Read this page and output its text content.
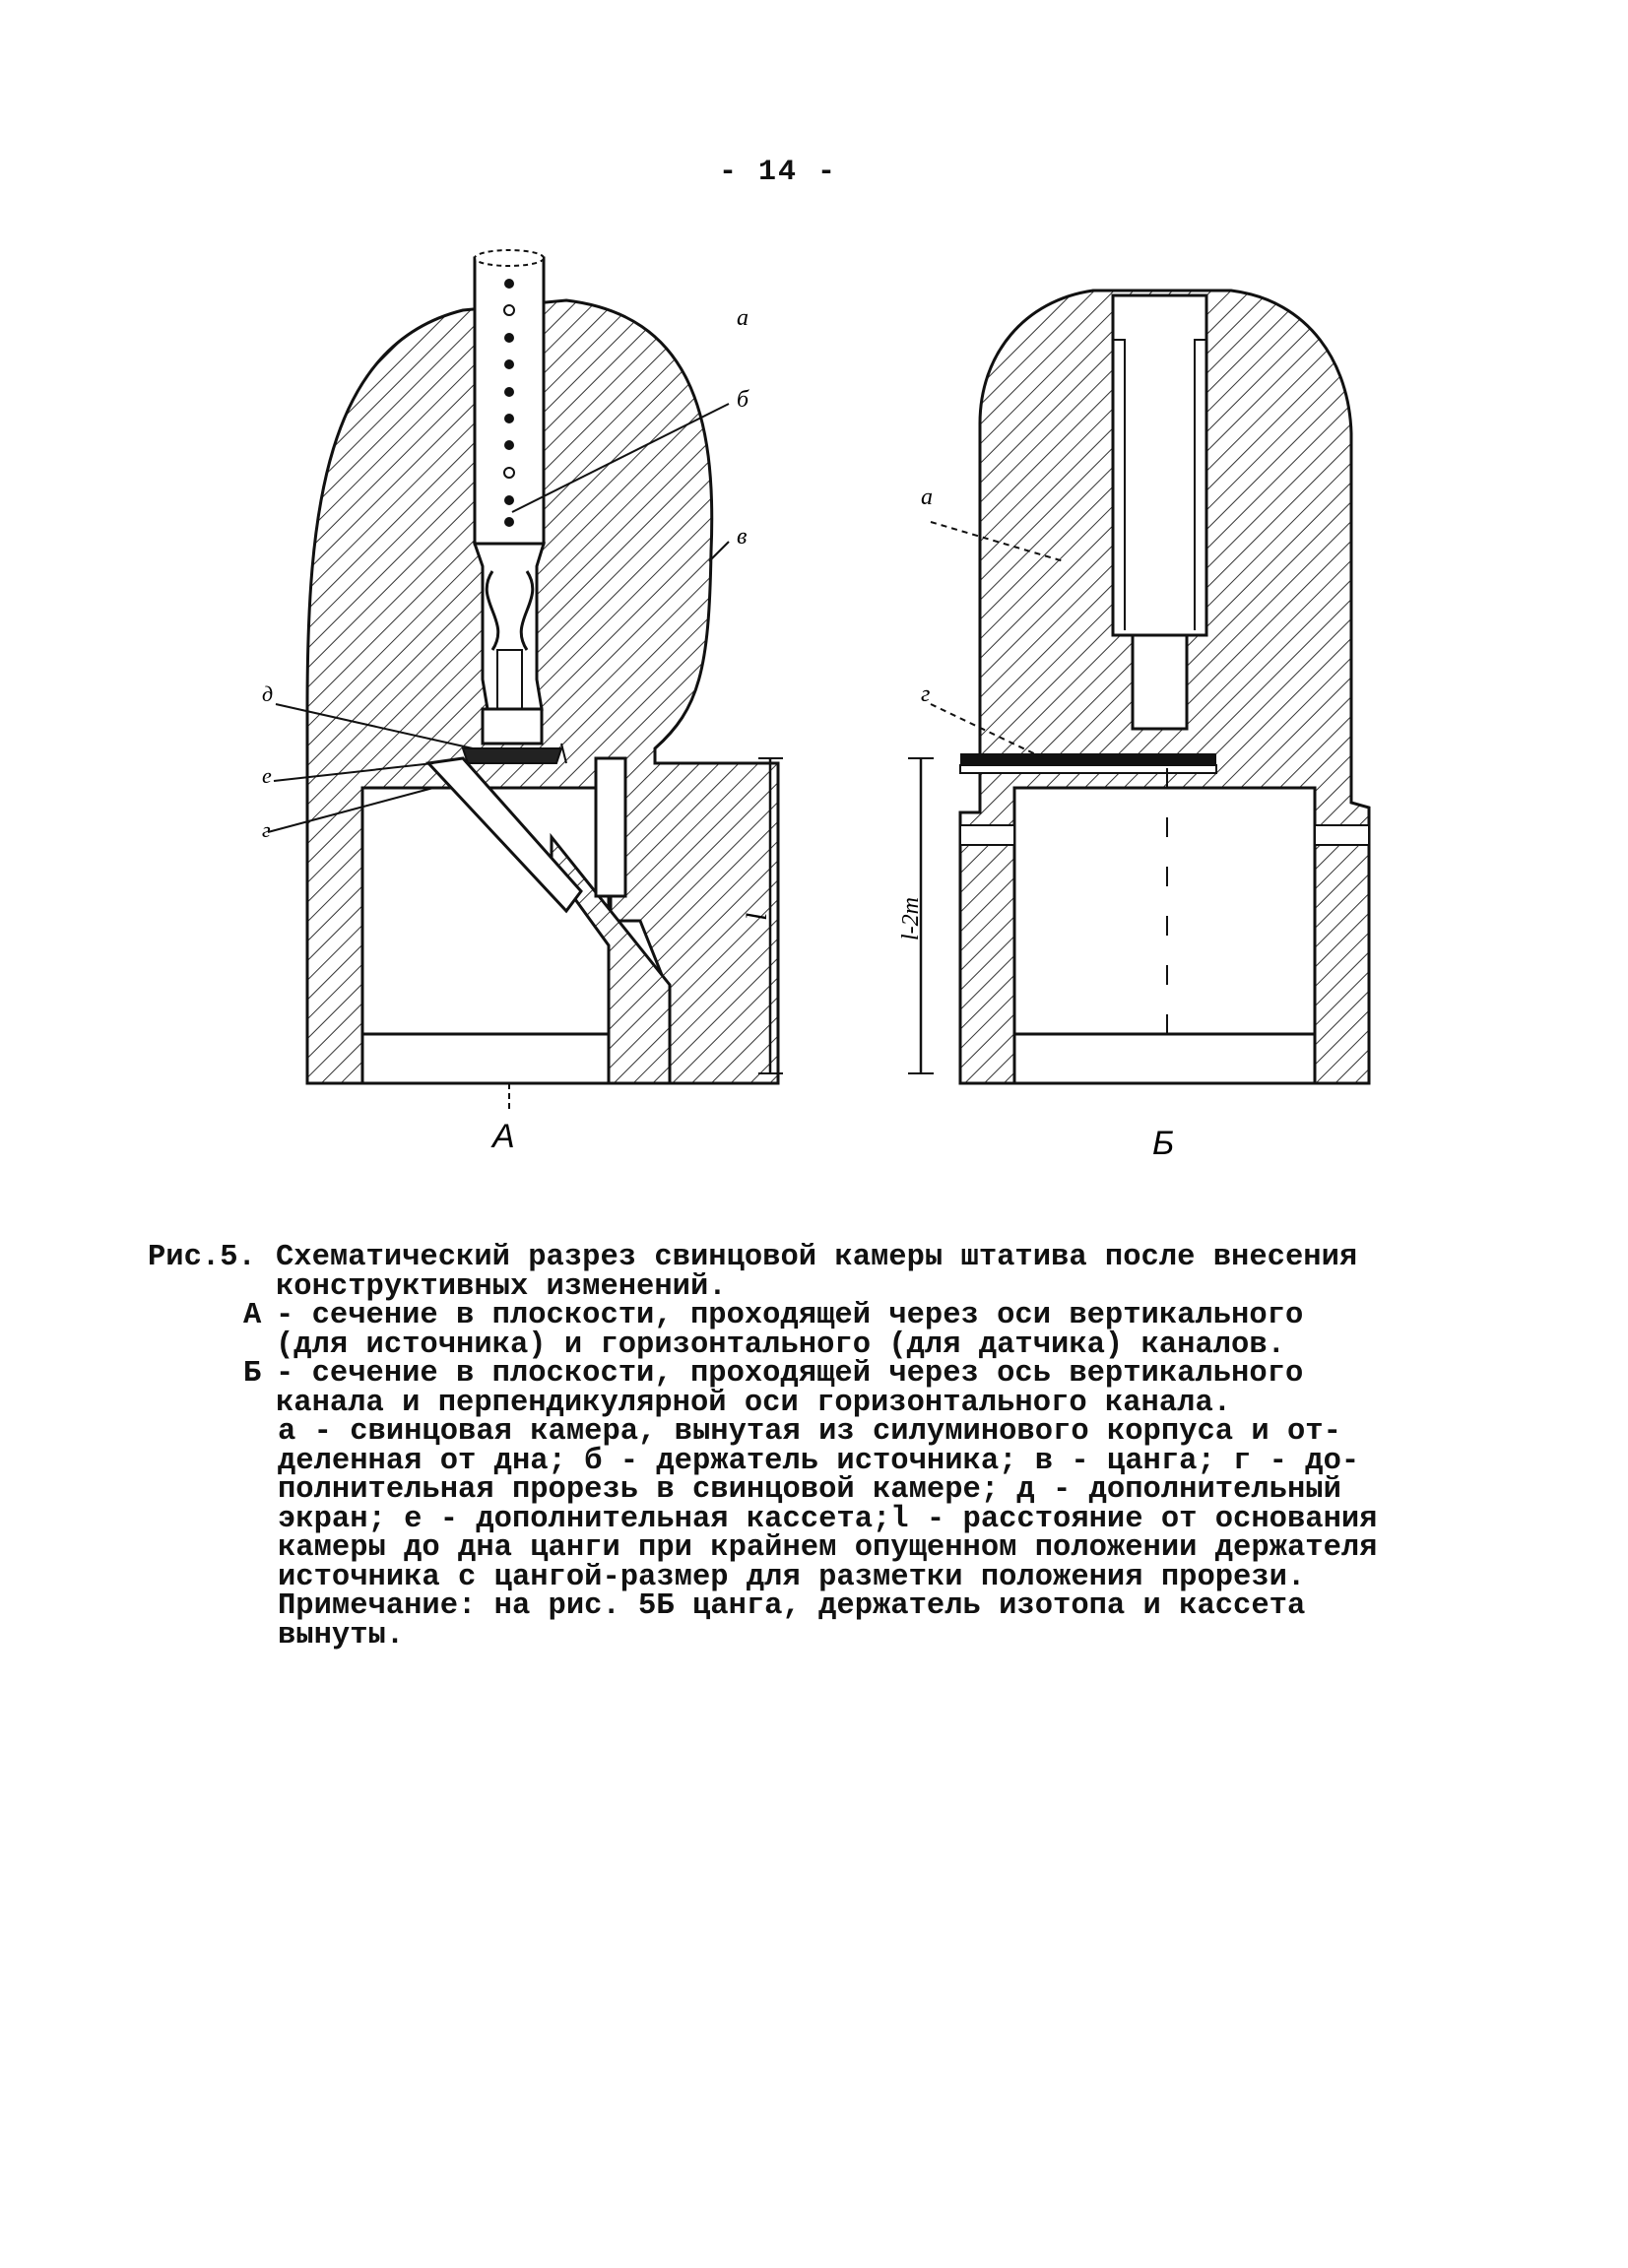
- 14 -
l
а
б
в
д
е
г
А
l-2m
а
г
Б
Рис.5. Схематический разрез свинцовой камеры штатива после внесения
конструктивных изменений.
А - сечение в плоскости, проходящей через оси вертикального
(для источника) и горизонтального (для датчика) каналов.
Б - сечение в плоскости, проходящей через ось вертикального
канала и перпендикулярной оси горизонтального канала.
а - свинцовая камера, вынутая из силуминового корпуса и от-
деленная от дна; б - держатель источника; в - цанга; г - до-
полнительная прорезь в свинцовой камере; д - дополнительный
экран; е - дополнительная кассета;l - расстояние от основания
камеры до дна цанги при крайнем опущенном положении держателя
источника с цангой-размер для разметки положения прорези.
Примечание: на рис. 5Б цанга, держатель изотопа и кассета
вынуты.
